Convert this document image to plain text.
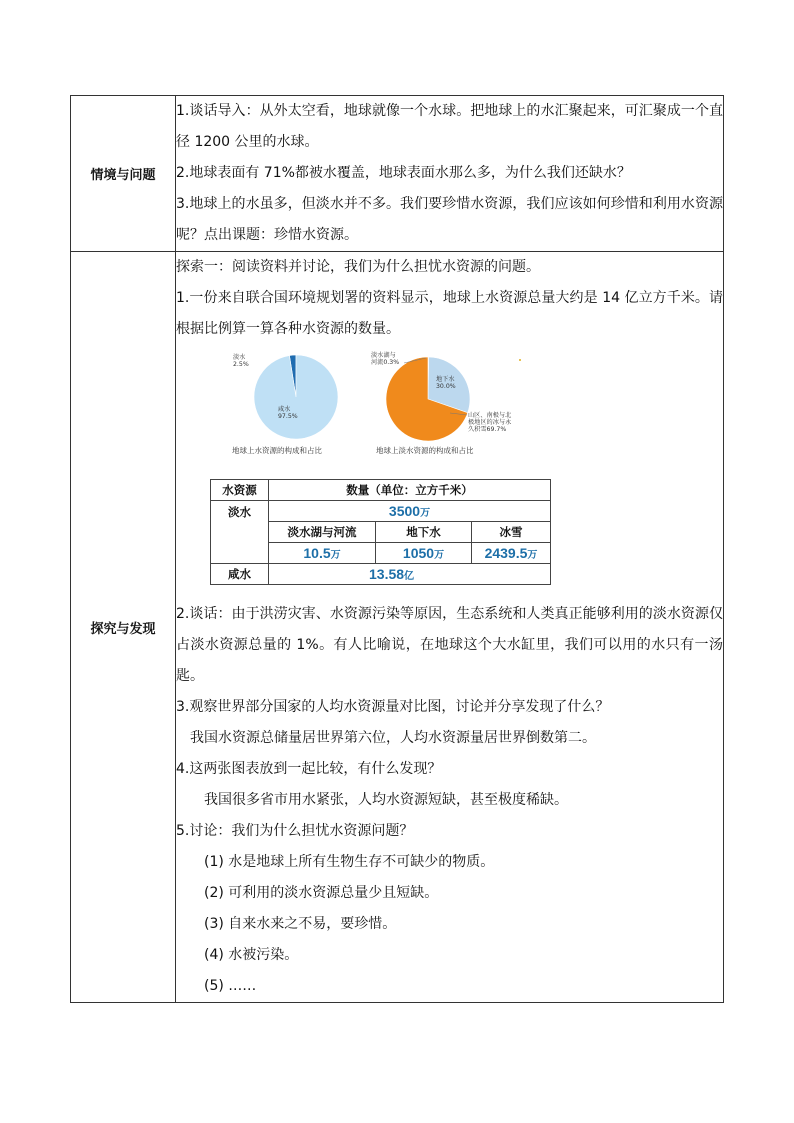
情境与问题	
1.谈话导入：从外太空看，地球就像一个水球。把地球上的水汇聚起来，可汇聚成一个直径 1200 公里的水球。
2.地球表面有 71%都被水覆盖，地球表面水那么多，为什么我们还缺水？
3.地球上的水虽多，但淡水并不多。我们要珍惜水资源，我们应该如何珍惜和利用水资源呢？点出课题：珍惜水资源。

探究与发现	
探索一：阅读资料并讨论，我们为什么担忧水资源的问题。
1.一份来自联合国环境规划署的资料显示，地球上水资源总量大约是 14 亿立方千米。请根据比例算一算各种水资源的数量。
淡水 2.5%
咸水 97.5%
地球上水资源的构成和占比
淡水湖与河流0.3%
地下水 30.0%
山区、南极与北极地区的冰与永久积雪69.7%
地球上淡水资源的构成和占比
水资源	数量（单位：立方千米）
淡水	3500万
淡水湖与河流	地下水	冰雪
10.5万	1050万	2439.5万
咸水	13.58亿
2.谈话：由于洪涝灾害、水资源污染等原因，生态系统和人类真正能够利用的淡水资源仅占淡水资源总量的 1%。有人比喻说，在地球这个大水缸里，我们可以用的水只有一汤匙。
3.观察世界部分国家的人均水资源量对比图，讨论并分享发现了什么？
我国水资源总储量居世界第六位，人均水资源量居世界倒数第二。
4.这两张图表放到一起比较，有什么发现？
我国很多省市用水紧张，人均水资源短缺，甚至极度稀缺。
5.讨论：我们为什么担忧水资源问题？
(1) 水是地球上所有生物生存不可缺少的物质。
(2) 可利用的淡水资源总量少且短缺。
(3) 自来水来之不易，要珍惜。
(4) 水被污染。
(5) ……
